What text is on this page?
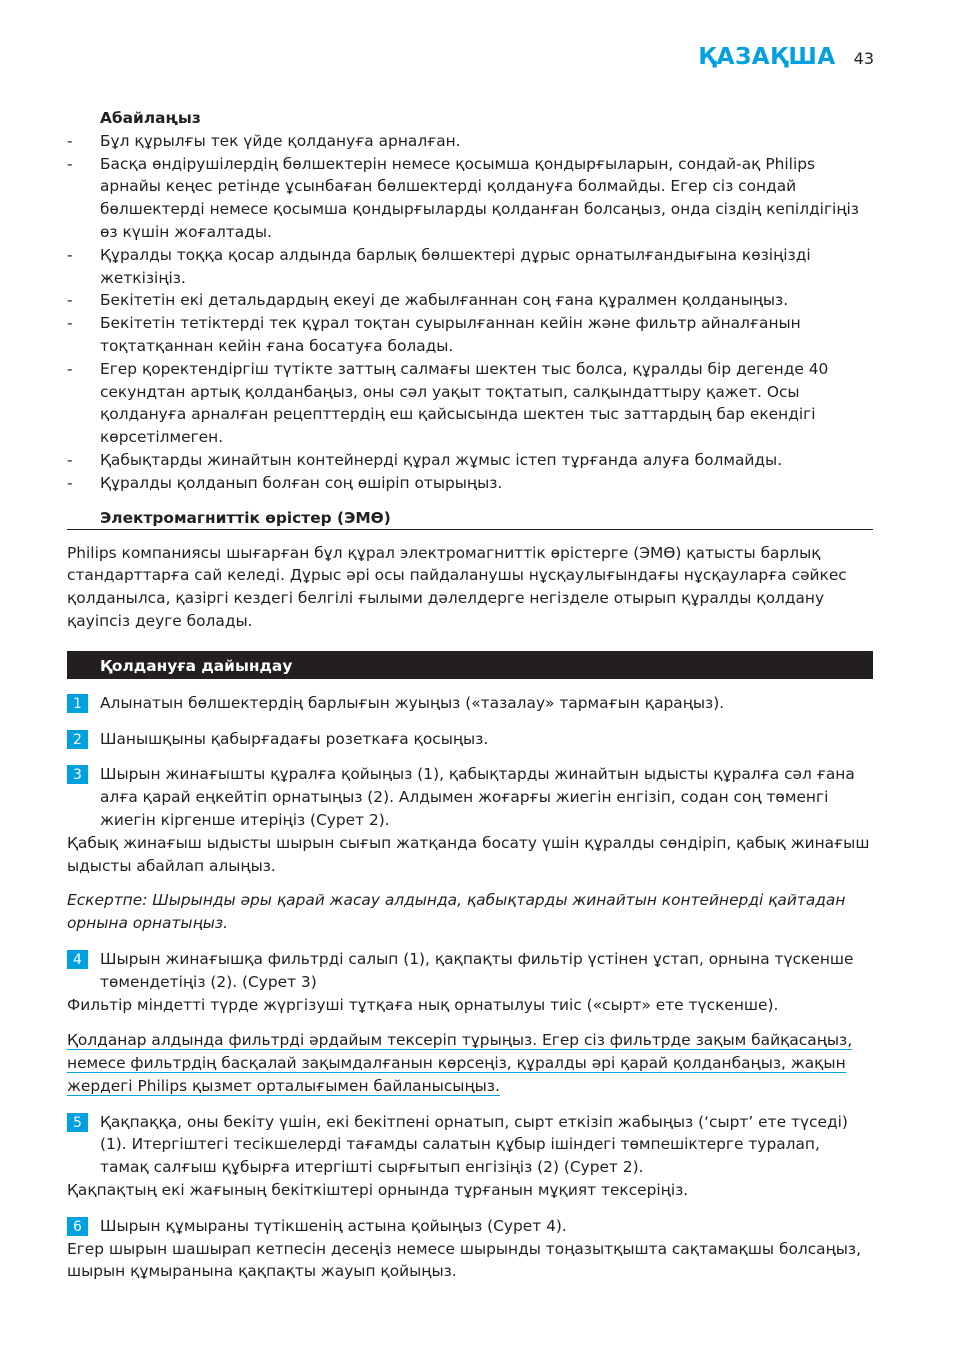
ҚАЗАҚША 43
Абайлаңыз
- Бұл құрылғы тек үйде қолдануға арналған.
- Басқа өндірушілердің бөлшектерін немесе қосымша қондырғыларын, сондай-ақ Philips арнайы кеңес ретінде ұсынбаған бөлшектерді қолдануға болмайды. Егер сіз сондай бөлшектерді немесе қосымша қондырғыларды қолданған болсаңыз, онда сіздің кепілдігіңіз өз күшін жоғалтады.
- Құралды тоққа қосар алдында барлық бөлшектері дұрыс орнатылғандығына көзіңізді жеткізіңіз.
- Бекітетін екі детальдардың екеуі де жабылғаннан соң ғана құралмен қолданыңыз.
- Бекітетін тетіктерді тек құрал тоқтан суырылғаннан кейін және фильтр айналғанын тоқтатқаннан кейін ғана босатуға болады.
- Егер қоректендіргіш түтікте заттың салмағы шектен тыс болса, құралды бір дегенде 40 секундтан артық қолданбаңыз, оны сәл уақыт тоқтатып, салқындаттыру қажет. Осы қолдануға арналған рецепттердің еш қайсысында шектен тыс заттардың бар екендігі көрсетілмеген.
- Қабықтарды жинайтын контейнерді құрал жұмыс істеп тұрғанда алуға болмайды.
- Құралды қолданып болған соң өшіріп отырыңыз.
Электромагниттік өрістер (ЭМӨ)
Philips компаниясы шығарған бұл құрал электромагниттік өрістерге (ЭМӨ) қатысты барлық стандарттарға сай келеді. Дұрыс әрі осы пайдаланушы нұсқаулығындағы нұсқауларға сәйкес қолданылса, қазіргі кездегі белгілі ғылыми дәлелдерге негізделе отырып құралды қолдану қауіпсіз деуге болады.
Қолдануға дайындау
1	Алынатын бөлшектердің барлығын жуыңыз («тазалау» тармағын қараңыз).
2	Шанышқыны қабырғадағы розеткаға қосыңыз.
3	Шырын жинағышты құралға қойыңыз (1), қабықтарды жинайтын ыдысты құралға сәл ғана алға қарай еңкейтіп орнатыңыз (2). Алдымен жоғарғы жиегін енгізіп, содан соң төменгі жиегін кіргенше итеріңіз (Сурет 2).
Қабық жинағыш ыдысты шырын сығып жатқанда босату үшін құралды сөндіріп, қабық жинағыш ыдысты абайлап алыңыз.
Ескертпе: Шырынды әры қарай жасау алдында, қабықтарды жинайтын контейнерді қайтадан орнына орнатыңыз.
4	Шырын жинағышқа фильтрді салып (1), қақпақты фильтір үстінен ұстап, орнына түскенше төмендетіңіз (2). (Сурет 3)
Фильтір міндетті түрде жүргізуші тұтқаға нық орнатылуы тиіс («сырт» ете түскенше).
Қолданар алдында фильтрді әрдайым тексеріп тұрыңыз. Егер сіз фильтрде зақым байқасаңыз, немесе фильтрдің басқалай зақымдалғанын көрсеңіз, құралды әрі қарай қолданбаңыз, жақын жердегі Philips қызмет орталығымен байланысыңыз.
5	Қақпаққа, оны бекіту үшін, екі бекітпені орнатып, сырт еткізіп жабыңыз (‘сырт’ ете түседі) (1). Итергіштегі тесікшелерді тағамды салатын құбыр ішіндегі төмпешіктерге туралап, тамақ салғыш құбырға итергішті сырғытып енгізіңіз (2) (Сурет 2).
Қақпақтың екі жағының бекіткіштері орнында тұрғанын мұқият тексеріңіз.
6	Шырын құмыраны түтікшенің астына қойыңыз (Сурет 4).
Егер шырын шашырап кетпесін десеңіз немесе шырынды тоңазытқышта сақтамақшы болсаңыз, шырын құмыранына қақпақты жауып қойыңыз.
